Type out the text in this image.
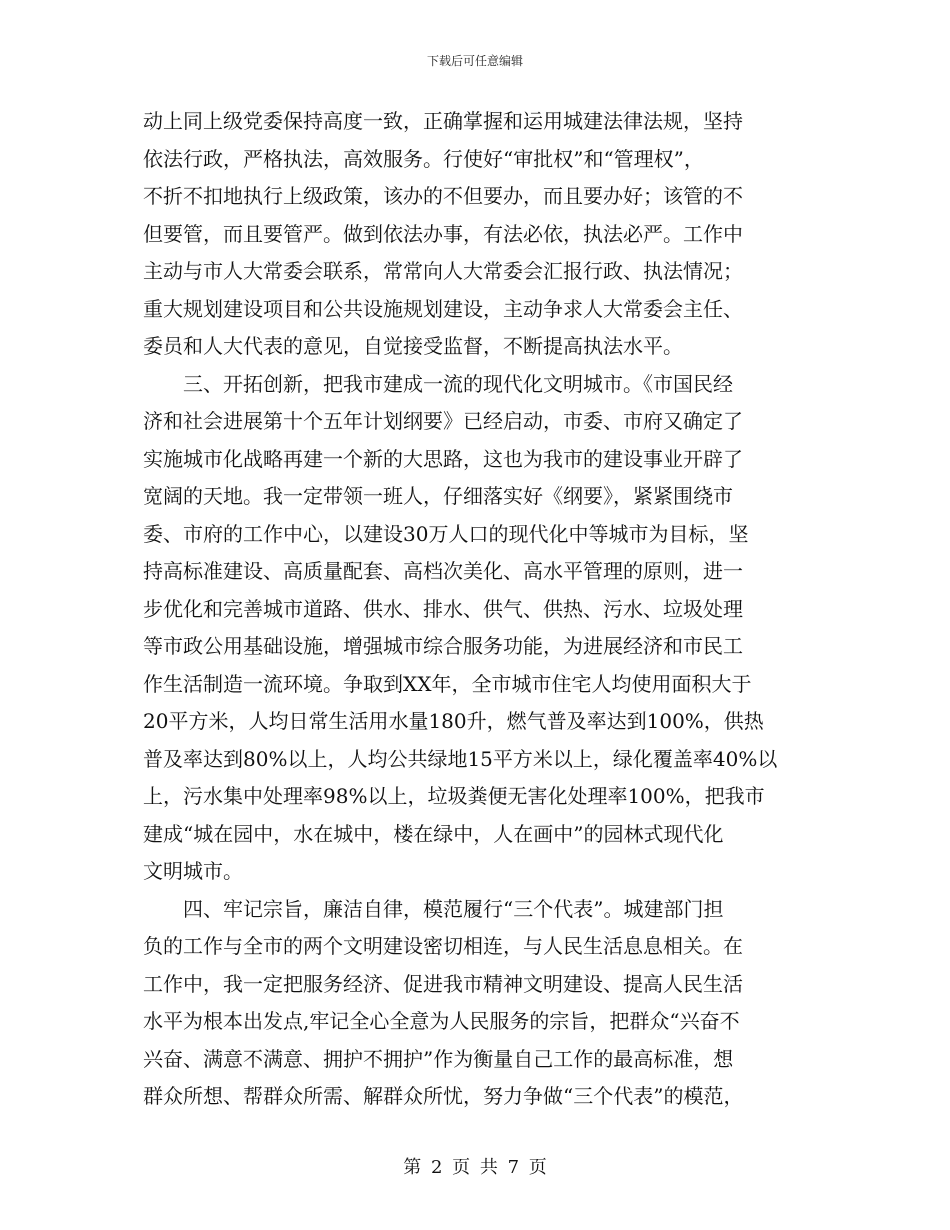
下载后可任意编辑
动上同上级党委保持高度一致，正确掌握和运用城建法律法规，坚持
依法行政，严格执法，高效服务。行使好“审批权”和“管理权”，
不折不扣地执行上级政策，该办的不但要办，而且要办好；该管的不
但要管，而且要管严。做到依法办事，有法必依，执法必严。工作中
主动与市人大常委会联系，常常向人大常委会汇报行政、执法情况；
重大规划建设项目和公共设施规划建设，主动争求人大常委会主任、
委员和人大代表的意见，自觉接受监督，不断提高执法水平。
　　三、开拓创新，把我市建成一流的现代化文明城市。《市国民经
济和社会进展第十个五年计划纲要》已经启动，市委、市府又确定了
实施城市化战略再建一个新的大思路，这也为我市的建设事业开辟了
宽阔的天地。我一定带领一班人，仔细落实好《纲要》，紧紧围绕市
委、市府的工作中心，以建设30万人口的现代化中等城市为目标，坚
持高标准建设、高质量配套、高档次美化、高水平管理的原则，进一
步优化和完善城市道路、供水、排水、供气、供热、污水、垃圾处理
等市政公用基础设施，增强城市综合服务功能，为进展经济和市民工
作生活制造一流环境。争取到XX年，全市城市住宅人均使用面积大于
20平方米，人均日常生活用水量180升，燃气普及率达到100%，供热
普及率达到80%以上，人均公共绿地15平方米以上，绿化覆盖率40%以
上，污水集中处理率98%以上，垃圾粪便无害化处理率100%，把我市
建成“城在园中，水在城中，楼在绿中，人在画中”的园林式现代化
文明城市。
　　四、牢记宗旨，廉洁自律，模范履行“三个代表”。城建部门担
负的工作与全市的两个文明建设密切相连，与人民生活息息相关。在
工作中，我一定把服务经济、促进我市精神文明建设、提高人民生活
水平为根本出发点,牢记全心全意为人民服务的宗旨，把群众“兴奋不
兴奋、满意不满意、拥护不拥护”作为衡量自己工作的最高标准，想
群众所想、帮群众所需、解群众所忧，努力争做“三个代表”的模范，
第 2 页 共 7 页
